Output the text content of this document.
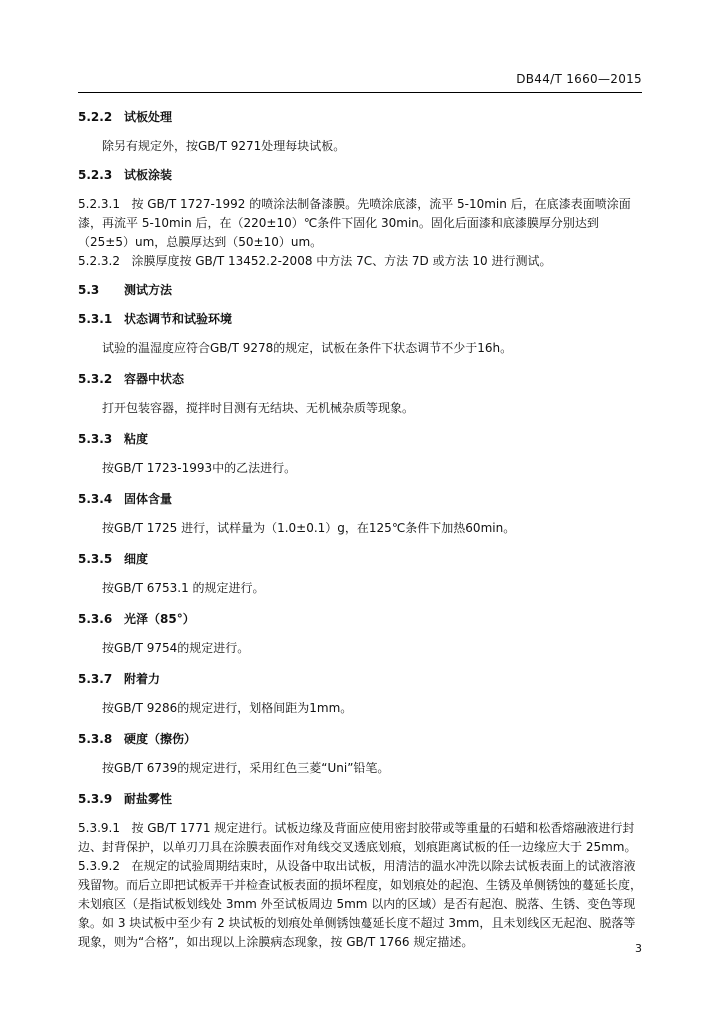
DB44/T 1660—2015

5.2.2 试板处理

除另有规定外，按GB/T 9271处理每块试板。

5.2.3 试板涂装

5.2.3.1 按 GB/T 1727-1992 的喷涂法制备漆膜。先喷涂底漆，流平 5-10min 后，在底漆表面喷涂面漆，再流平 5-10min 后，在（220±10）℃条件下固化 30min。固化后面漆和底漆膜厚分别达到（25±5）um，总膜厚达到（50±10）um。

5.2.3.2 涂膜厚度按 GB/T 13452.2-2008 中方法 7C、方法 7D 或方法 10 进行测试。

5.3 测试方法

5.3.1 状态调节和试验环境

试验的温湿度应符合GB/T 9278的规定，试板在条件下状态调节不少于16h。

5.3.2 容器中状态

打开包装容器，搅拌时目测有无结块、无机械杂质等现象。

5.3.3 粘度

按GB/T 1723-1993中的乙法进行。

5.3.4 固体含量

按GB/T 1725 进行，试样量为（1.0±0.1）g，在125℃条件下加热60min。

5.3.5 细度

按GB/T 6753.1 的规定进行。

5.3.6 光泽（85°）

按GB/T 9754的规定进行。

5.3.7 附着力

按GB/T 9286的规定进行，划格间距为1mm。

5.3.8 硬度（擦伤）

按GB/T 6739的规定进行，采用红色三菱“Uni”铅笔。

5.3.9 耐盐雾性

5.3.9.1 按 GB/T 1771 规定进行。试板边缘及背面应使用密封胶带或等重量的石蜡和松香熔融液进行封边、封背保护，以单刃刀具在涂膜表面作对角线交叉透底划痕，划痕距离试板的任一边缘应大于 25mm。

5.3.9.2 在规定的试验周期结束时，从设备中取出试板，用清洁的温水冲洗以除去试板表面上的试液溶液残留物。而后立即把试板弄干并检查试板表面的损坏程度，如划痕处的起泡、生锈及单侧锈蚀的蔓延长度，未划痕区（是指试板划线处 3mm 外至试板周边 5mm 以内的区域）是否有起泡、脱落、生锈、变色等现象。如 3 块试板中至少有 2 块试板的划痕处单侧锈蚀蔓延长度不超过 3mm，且未划线区无起泡、脱落等现象，则为“合格”，如出现以上涂膜病态现象，按 GB/T 1766 规定描述。	3
